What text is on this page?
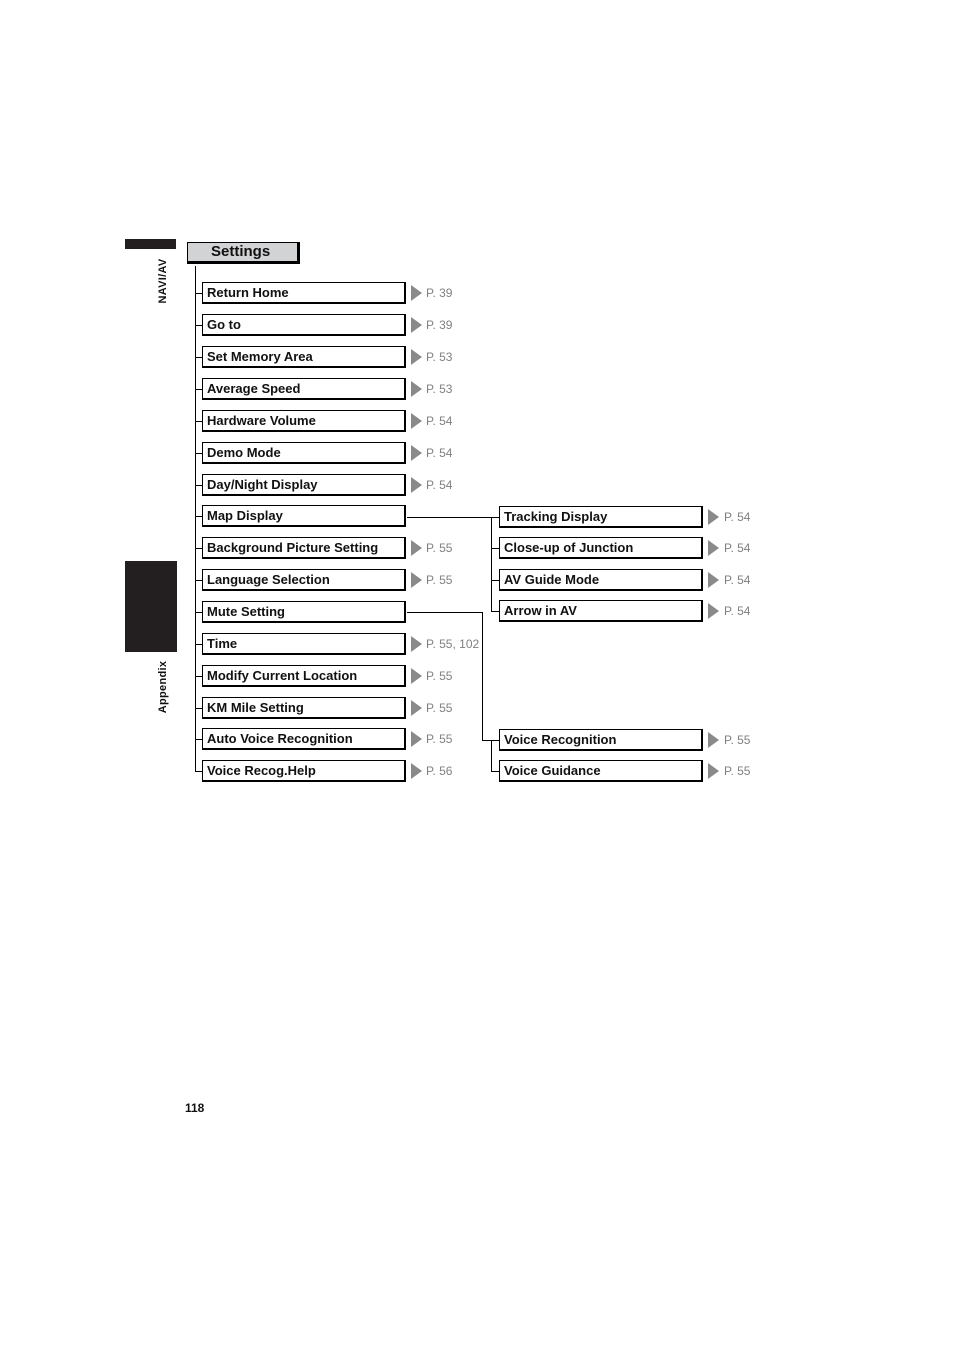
NAVI/AV
Appendix
Settings
Return Home	P. 39
Go to	P. 39
Set Memory Area	P. 53
Average Speed	P. 53
Hardware Volume	P. 54
Demo Mode	P. 54
Day/Night Display	P. 54
Map Display
Background Picture Setting	P. 55
Language Selection	P. 55
Mute Setting
Time	P. 55, 102
Modify Current Location	P. 55
KM Mile Setting	P. 55
Auto Voice Recognition	P. 55
Voice Recog.Help	P. 56
Tracking Display	P. 54
Close-up of Junction	P. 54
AV Guide Mode	P. 54
Arrow in AV	P. 54
Voice Recognition	P. 55
Voice Guidance	P. 55
118
